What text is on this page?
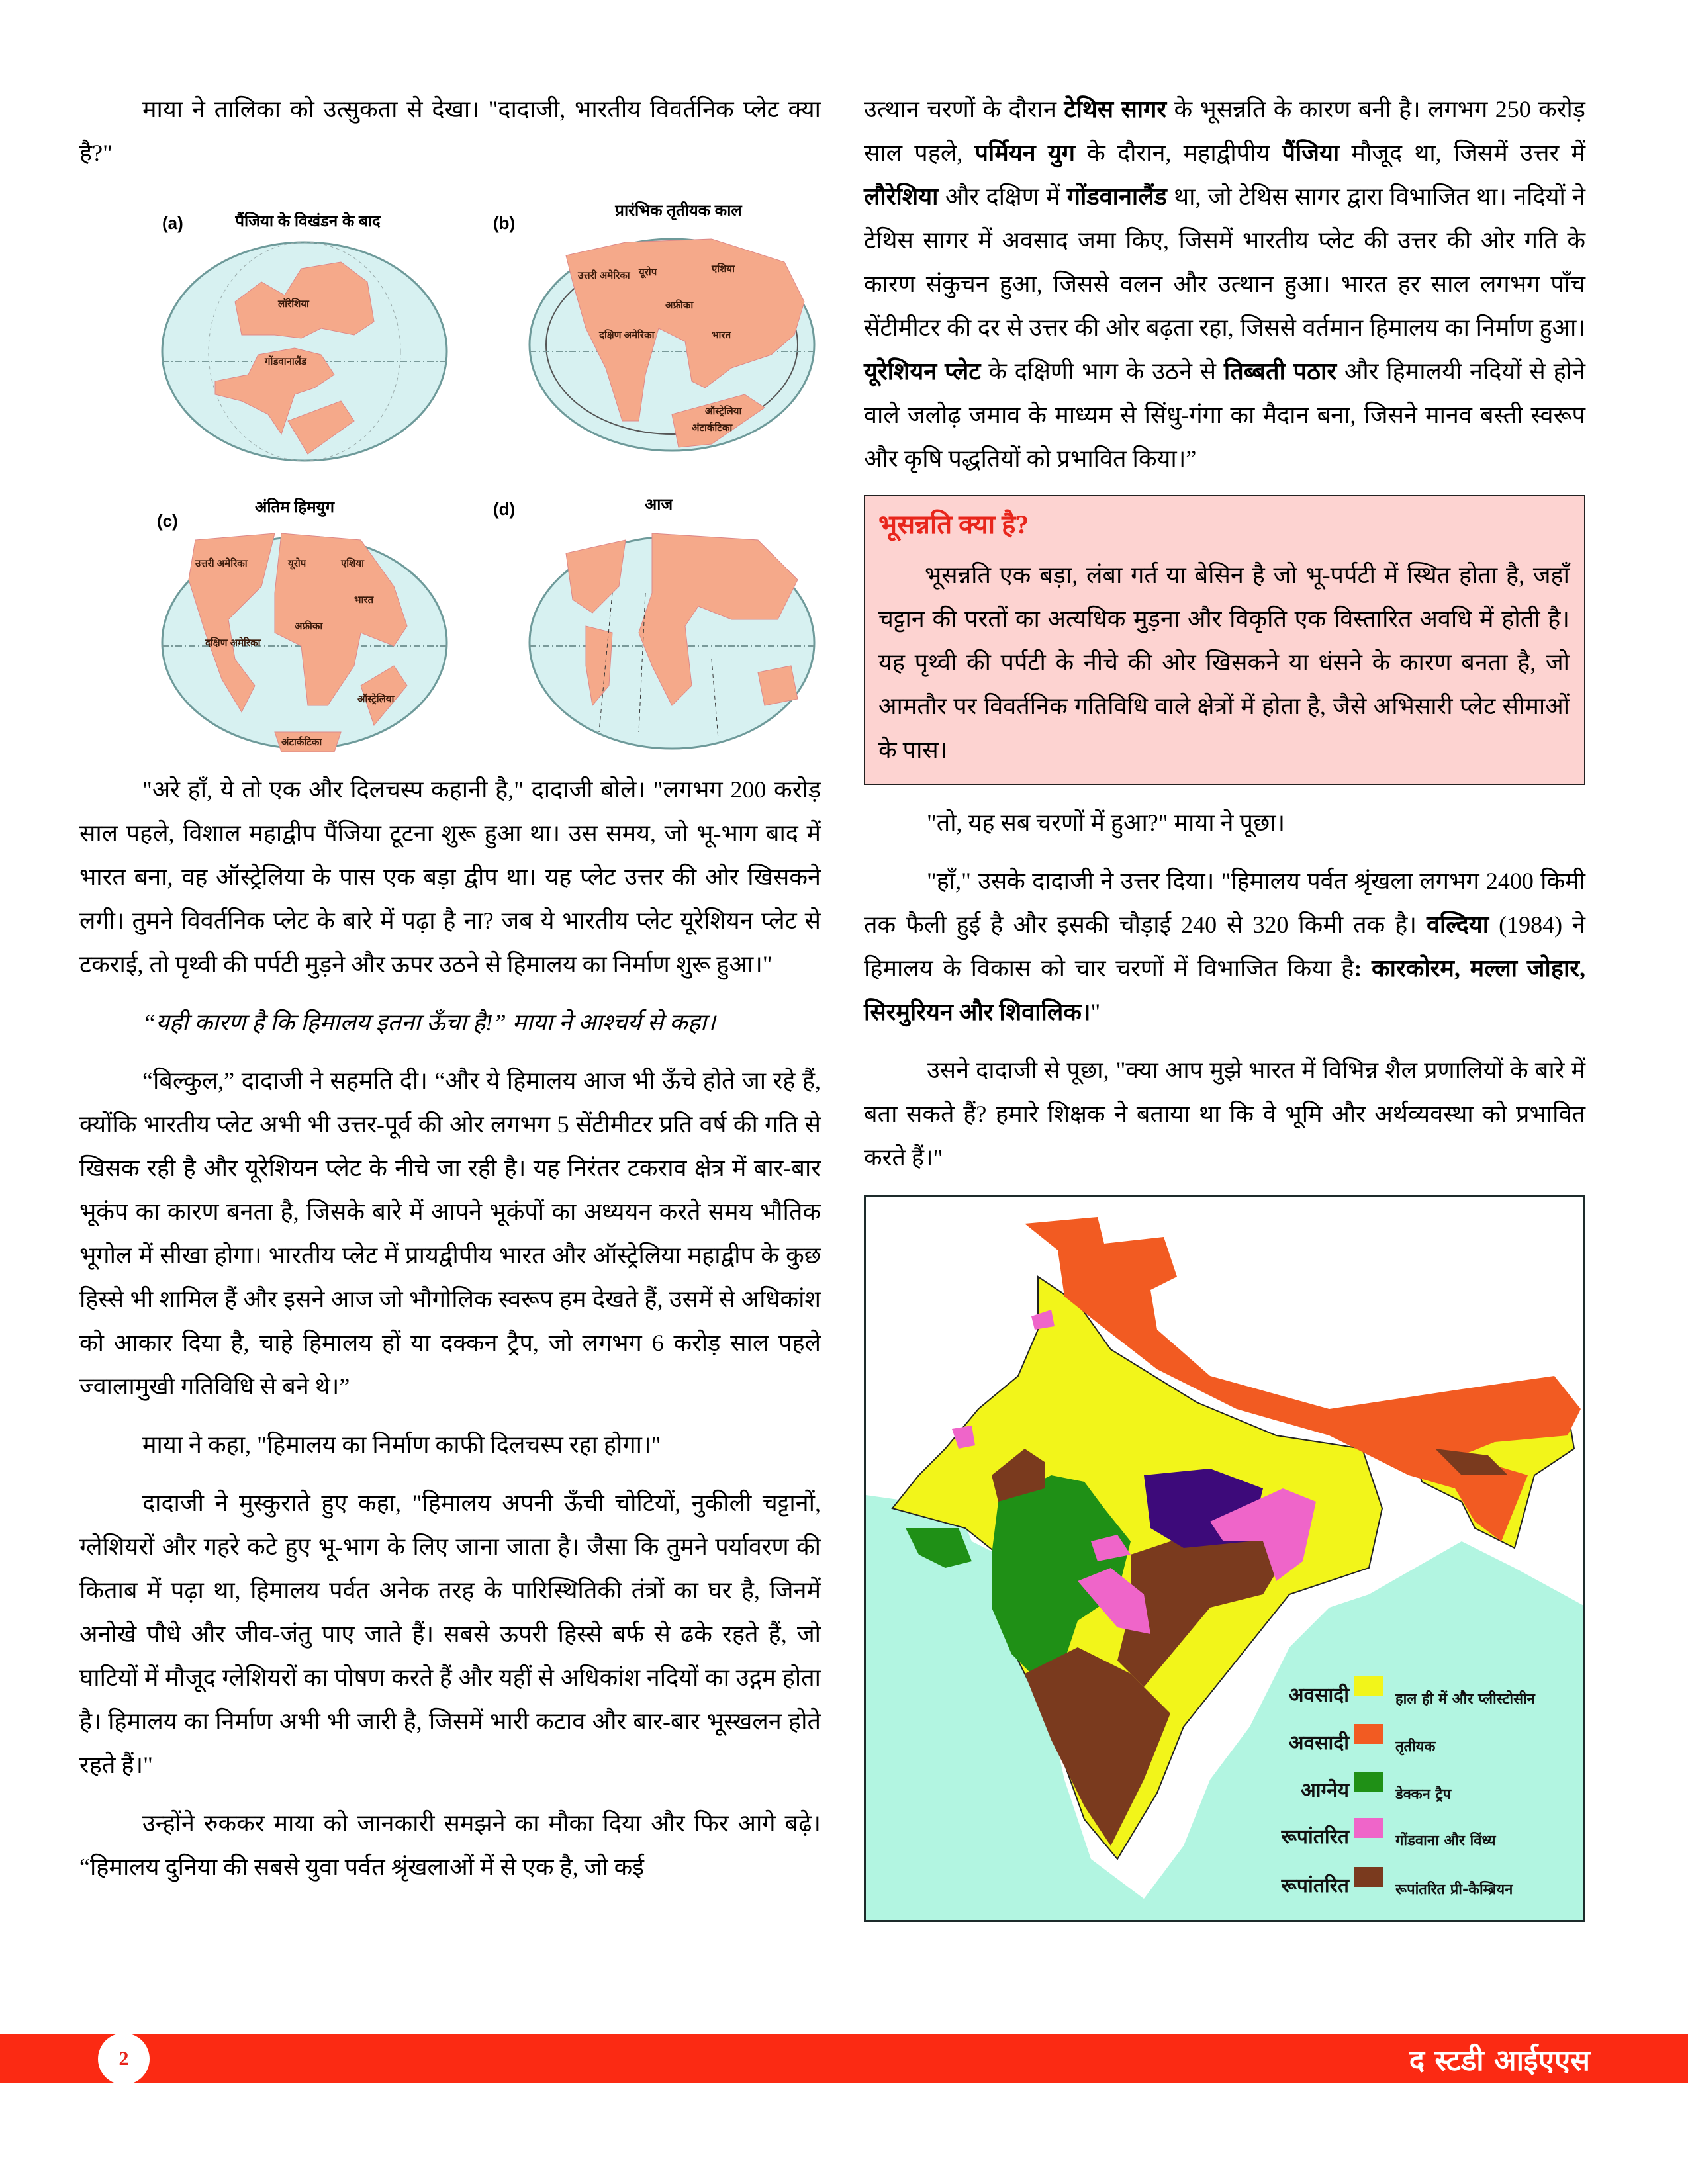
माया ने तालिका को उत्सुकता से देखा। "दादाजी, भारतीय विवर्तनिक प्लेट क्या है?"

(a)	पैंजिया के विखंडन के बाद
लॉरेशिया
गोंडवानालैंड
(b)
प्रारंभिक तृतीयक काल
उत्तरी अमेरिका यूरोप	एशिया
अफ्रीका
दक्षिण अमेरिका	भारत
ऑस्ट्रेलिया
अंटार्कटिका
(c)
अंतिम हिमयुग
उत्तरी अमेरिका	यूरोप	एशिया
भारत
अफ्रीका
दक्षिण अमेरिका
ऑस्ट्रेलिया
अंटार्कटिका
(d)	आज

"अरे हाँ, ये तो एक और दिलचस्प कहानी है," दादाजी बोले। "लगभग 200 करोड़ साल पहले, विशाल महाद्वीप पैंजिया टूटना शुरू हुआ था। उस समय, जो भू-भाग बाद में भारत बना, वह ऑस्ट्रेलिया के पास एक बड़ा द्वीप था। यह प्लेट उत्तर की ओर खिसकने लगी। तुमने विवर्तनिक प्लेट के बारे में पढ़ा है ना? जब ये भारतीय प्लेट यूरेशियन प्लेट से टकराई, तो पृथ्वी की पर्पटी मुड़ने और ऊपर उठने से हिमालय का निर्माण शुरू हुआ।"

“यही कारण है कि हिमालय इतना ऊँचा है!” माया ने आश्चर्य से कहा।

“बिल्कुल,” दादाजी ने सहमति दी। “और ये हिमालय आज भी ऊँचे होते जा रहे हैं, क्योंकि भारतीय प्लेट अभी भी उत्तर-पूर्व की ओर लगभग 5 सेंटीमीटर प्रति वर्ष की गति से खिसक रही है और यूरेशियन प्लेट के नीचे जा रही है। यह निरंतर टकराव क्षेत्र में बार-बार भूकंप का कारण बनता है, जिसके बारे में आपने भूकंपों का अध्ययन करते समय भौतिक भूगोल में सीखा होगा। भारतीय प्लेट में प्रायद्वीपीय भारत और ऑस्ट्रेलिया महाद्वीप के कुछ हिस्से भी शामिल हैं और इसने आज जो भौगोलिक स्वरूप हम देखते हैं, उसमें से अधिकांश को आकार दिया है, चाहे हिमालय हों या दक्कन ट्रैप, जो लगभग 6 करोड़ साल पहले ज्वालामुखी गतिविधि से बने थे।”

माया ने कहा, "हिमालय का निर्माण काफी दिलचस्प रहा होगा।"

दादाजी ने मुस्कुराते हुए कहा, "हिमालय अपनी ऊँची चोटियों, नुकीली चट्टानों, ग्लेशियरों और गहरे कटे हुए भू-भाग के लिए जाना जाता है। जैसा कि तुमने पर्यावरण की किताब में पढ़ा था, हिमालय पर्वत अनेक तरह के पारिस्थितिकी तंत्रों का घर है, जिनमें अनोखे पौधे और जीव-जंतु पाए जाते हैं। सबसे ऊपरी हिस्से बर्फ से ढके रहते हैं, जो घाटियों में मौजूद ग्लेशियरों का पोषण करते हैं और यहीं से अधिकांश नदियों का उद्गम होता है। हिमालय का निर्माण अभी भी जारी है, जिसमें भारी कटाव और बार-बार भूस्खलन होते रहते हैं।"

उन्होंने रुककर माया को जानकारी समझने का मौका दिया और फिर आगे बढ़े। “हिमालय दुनिया की सबसे युवा पर्वत श्रृंखलाओं में से एक है, जो कई

उत्थान चरणों के दौरान टेथिस सागर के भूसन्नति के कारण बनी है। लगभग 250 करोड़ साल पहले, पर्मियन युग के दौरान, महाद्वीपीय पैंजिया मौजूद था, जिसमें उत्तर में लौरेशिया और दक्षिण में गोंडवानालैंड था, जो टेथिस सागर द्वारा विभाजित था। नदियों ने टेथिस सागर में अवसाद जमा किए, जिसमें भारतीय प्लेट की उत्तर की ओर गति के कारण संकुचन हुआ, जिससे वलन और उत्थान हुआ। भारत हर साल लगभग पाँच सेंटीमीटर की दर से उत्तर की ओर बढ़ता रहा, जिससे वर्तमान हिमालय का निर्माण हुआ। यूरेशियन प्लेट के दक्षिणी भाग के उठने से तिब्बती पठार और हिमालयी नदियों से होने वाले जलोढ़ जमाव के माध्यम से सिंधु-गंगा का मैदान बना, जिसने मानव बस्ती स्वरूप और कृषि पद्धतियों को प्रभावित किया।”

भूसन्नति क्या है?

भूसन्नति एक बड़ा, लंबा गर्त या बेसिन है जो भू-पर्पटी में स्थित होता है, जहाँ चट्टान की परतों का अत्यधिक मुड़ना और विकृति एक विस्तारित अवधि में होती है। यह पृथ्वी की पर्पटी के नीचे की ओर खिसकने या धंसने के कारण बनता है, जो आमतौर पर विवर्तनिक गतिविधि वाले क्षेत्रों में होता है, जैसे अभिसारी प्लेट सीमाओं के पास।

"तो, यह सब चरणों में हुआ?" माया ने पूछा।

"हाँ," उसके दादाजी ने उत्तर दिया। "हिमालय पर्वत श्रृंखला लगभग 2400 किमी तक फैली हुई है और इसकी चौड़ाई 240 से 320 किमी तक है। वल्दिया (1984) ने हिमालय के विकास को चार चरणों में विभाजित किया है: कारकोरम, मल्ला जोहार, सिरमुरियन और शिवालिक।"

उसने दादाजी से पूछा, "क्या आप मुझे भारत में विभिन्न शैल प्रणालियों के बारे में बता सकते हैं? हमारे शिक्षक ने बताया था कि वे भूमि और अर्थव्यवस्था को प्रभावित करते हैं।"

अवसादी	हाल ही में और प्लीस्टोसीन
अवसादी	तृतीयक
आग्नेय	डेक्कन ट्रैप
रूपांतरित	गोंडवाना और विंध्य
रूपांतरित	रूपांतरित प्री-कैम्ब्रियन
2	द स्टडी आईएएस
